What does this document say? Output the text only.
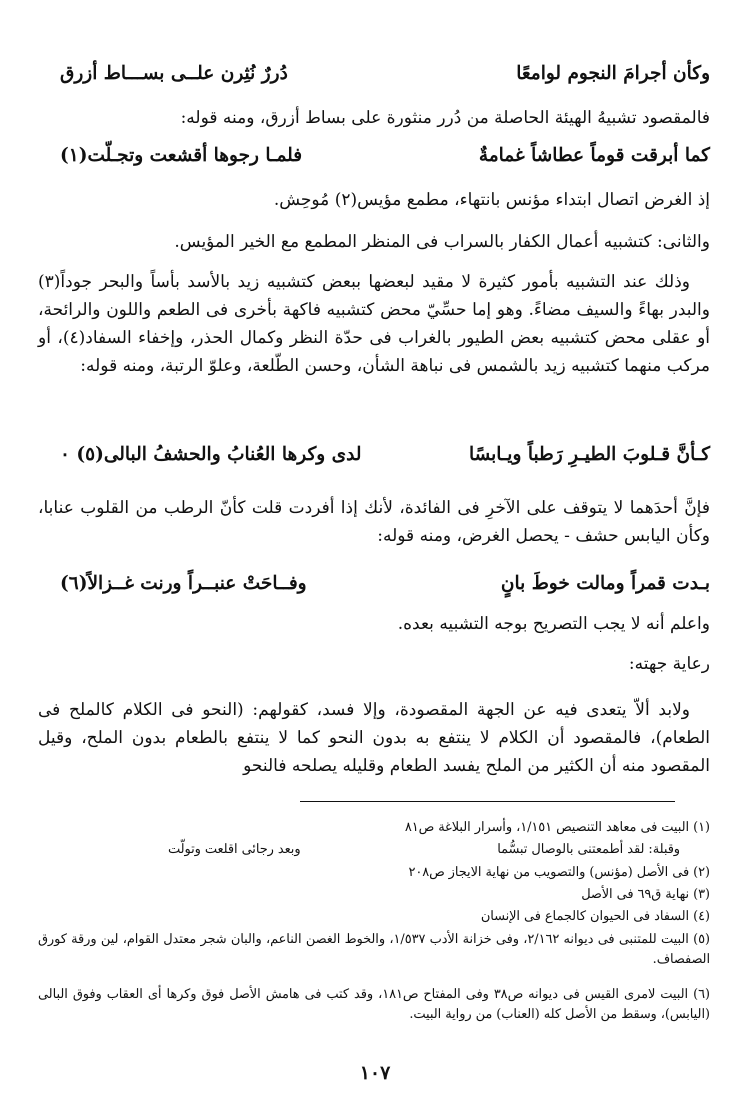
وكأن أجرامَ النجوم لوامعًا
دُررٌ نُثِرن علــى بســـاط أزرق
فالمقصود تشبيهُ الهيئة الحاصلة من دُرر منثورة على بساط أزرق، ومنه قوله:
كما أبرقت قوماً عطاشاً غمامةٌ
فلمـا رجوها أقشعت وتجـلّت(١)
إذ الغرض اتصال ابتداء مؤنس بانتهاء، مطمع مؤيس(٢) مُوحِش.
والثانى: كتشبيه أعمال الكفار بالسراب فى المنظر المطمع مع الخير المؤيس.
وذلك عند التشبيه بأمور كثيرة لا مقيد لبعضها ببعض كتشبيه زيد بالأسد بأساً والبحر جوداً(٣) والبدر بهاءً والسيف مضاءً. وهو إما حسِّيّ محض كتشبيه فاكهة بأخرى فى الطعم واللون والرائحة، أو عقلى محض كتشبيه بعض الطيور بالغراب فى حدّة النظر وكمال الحذر، وإخفاء السفاد(٤)، أو مركب منهما كتشبيه زيد بالشمس فى نباهة الشأن، وحسن الطّلعة، وعلوّ الرتبة، ومنه قوله:
كـأنَّ قـلوبَ الطيـرِ رَطباً ويـابسًا
لدى وكرها العُنابُ والحشفُ البالى(٥) ٠
فإنَّ أحدَهما لا يتوقف على الآخرِ فى الفائدة، لأنك إذا أفردت قلت كأنّ الرطب من القلوب عنابا، وكأن اليابس حشف - يحصل الغرض، ومنه قوله:
بـدت قمراً ومالت خوطَ بانٍ
وفــاحَتْ عنبــراً ورنت غــزالاً(٦)
واعلم أنه لا يجب التصريح بوجه التشبيه بعده.
رعاية جهته:
ولابد ألاّ يتعدى فيه عن الجهة المقصودة، وإلا فسد، كقولهم: (النحو فى الكلام كالملح فى الطعام)، فالمقصود أن الكلام لا ينتفع به بدون النحو كما لا ينتفع بالطعام بدون الملح، وقيل المقصود منه أن الكثير من الملح يفسد الطعام وقليله يصلحه فالنحو
(١) البيت فى معاهد التنصيص ١/١٥١، وأسرار البلاغة ص٨١
وقبلة: لقد أطمعتنى بالوصال تبسُّما
وبعد رجائى اقلعت وتولّت
(٢) فى الأصل (مؤنس) والتصويب من نهاية الايجاز ص٢٠٨
(٣) نهاية ق٦٩ فى الأصل
(٤) السفاد فى الحيوان كالجماع فى الإنسان
(٥) البيت للمتنبى فى ديوانه ٢/١٦٢، وفى خزانة الأدب ١/٥٣٧، والخوط الغصن الناعم، والبان شجر معتدل القوام، لين ورقة كورق الصفصاف.
(٦) البيت لامرى القيس فى ديوانه ص٣٨ وفى المفتاح ص١٨١، وقد كتب فى هامش الأصل فوق وكرها أى العقاب وفوق البالى (اليابس)، وسقط من الأصل كله (العناب) من رواية البيت.
١٠٧
